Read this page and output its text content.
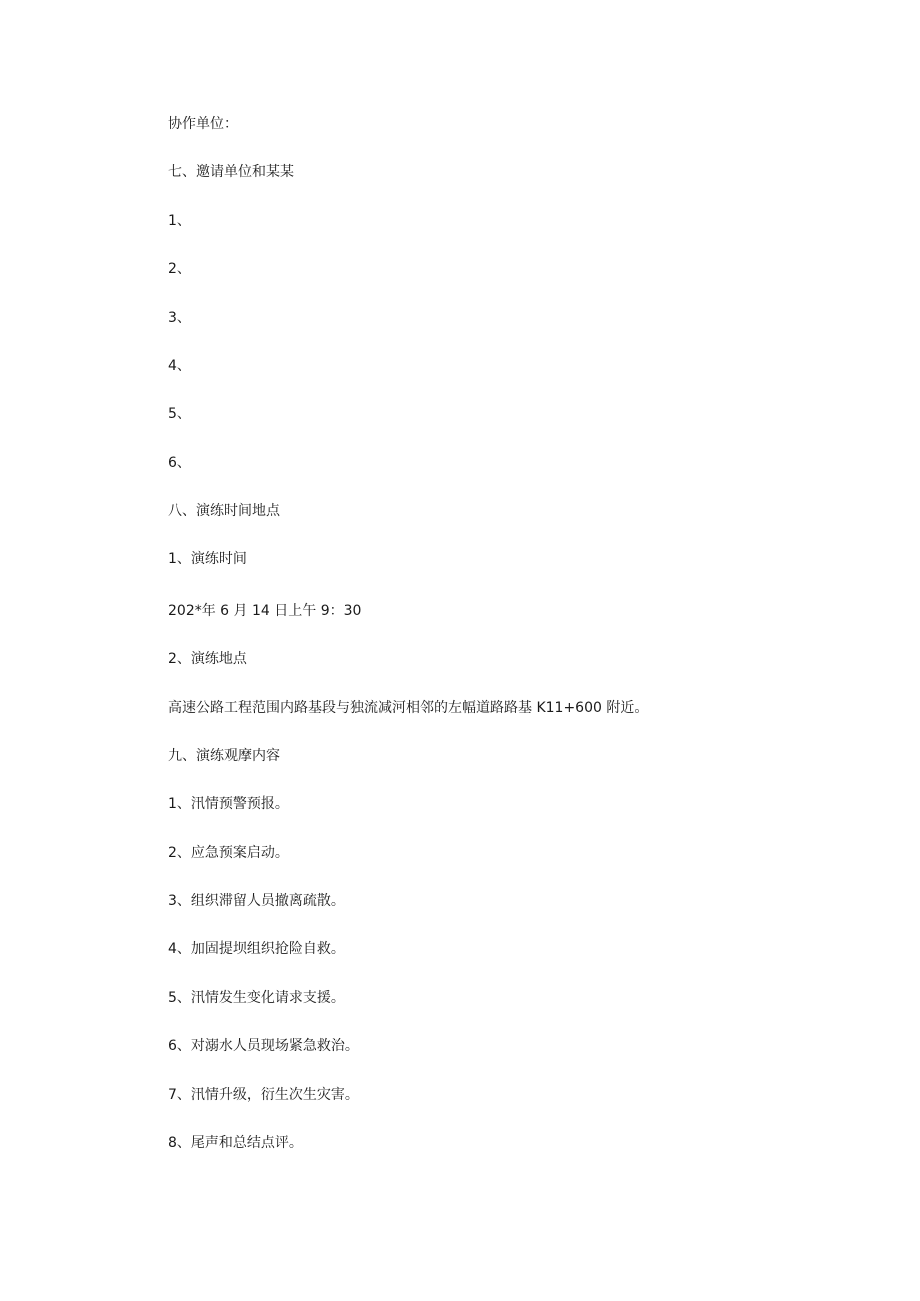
协作单位：
七、邀请单位和某某
1、
2、
3、
4、
5、
6、
八、演练时间地点
1、演练时间
202*年 6 月 14 日上午 9：30
2、演练地点
高速公路工程范围内路基段与独流减河相邻的左幅道路路基 K11+600 附近。
九、演练观摩内容
1、汛情预警预报。
2、应急预案启动。
3、组织滞留人员撤离疏散。
4、加固提坝组织抢险自救。
5、汛情发生变化请求支援。
6、对溺水人员现场紧急救治。
7、汛情升级，衍生次生灾害。
8、尾声和总结点评。
